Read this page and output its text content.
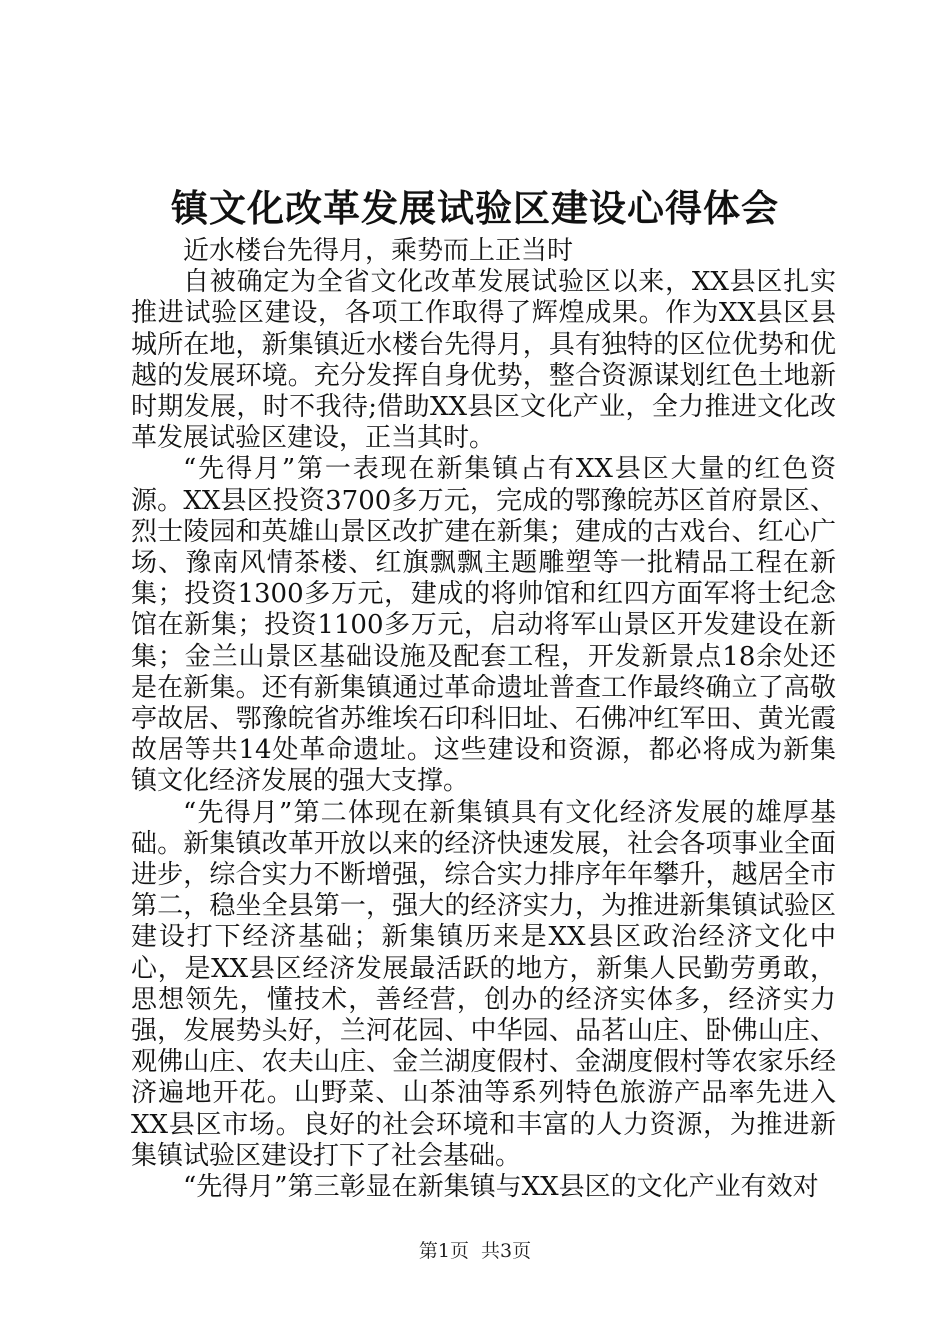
镇文化改革发展试验区建设心得体会

近水楼台先得月，乘势而上正当时

自被确定为全省文化改革发展试验区以来，XX县区扎实推进试验区建设，各项工作取得了辉煌成果。作为XX县区县城所在地，新集镇近水楼台先得月，具有独特的区位优势和优越的发展环境。充分发挥自身优势，整合资源谋划红色土地新时期发展，时不我待;借助XX县区文化产业，全力推进文化改革发展试验区建设，正当其时。

“先得月”第一表现在新集镇占有XX县区大量的红色资源。XX县区投资3700多万元，完成的鄂豫皖苏区首府景区、烈士陵园和英雄山景区改扩建在新集；建成的古戏台、红心广场、豫南风情茶楼、红旗飘飘主题雕塑等一批精品工程在新集；投资1300多万元，建成的将帅馆和红四方面军将士纪念馆在新集；投资1100多万元，启动将军山景区开发建设在新集；金兰山景区基础设施及配套工程，开发新景点18余处还是在新集。还有新集镇通过革命遗址普查工作最终确立了高敬亭故居、鄂豫皖省苏维埃石印科旧址、石佛冲红军田、黄光霞故居等共14处革命遗址。这些建设和资源，都必将成为新集镇文化经济发展的强大支撑。

“先得月”第二体现在新集镇具有文化经济发展的雄厚基础。新集镇改革开放以来的经济快速发展，社会各项事业全面进步，综合实力不断增强，综合实力排序年年攀升，越居全市第二，稳坐全县第一，强大的经济实力，为推进新集镇试验区建设打下经济基础；新集镇历来是XX县区政治经济文化中心，是XX县区经济发展最活跃的地方，新集人民勤劳勇敢，思想领先，懂技术，善经营，创办的经济实体多，经济实力强，发展势头好，兰河花园、中华园、品茗山庄、卧佛山庄、观佛山庄、农夫山庄、金兰湖度假村、金湖度假村等农家乐经济遍地开花。山野菜、山茶油等系列特色旅游产品率先进入XX县区市场。良好的社会环境和丰富的人力资源，为推进新集镇试验区建设打下了社会基础。

“先得月”第三彰显在新集镇与XX县区的文化产业有效对

第1页 共3页
